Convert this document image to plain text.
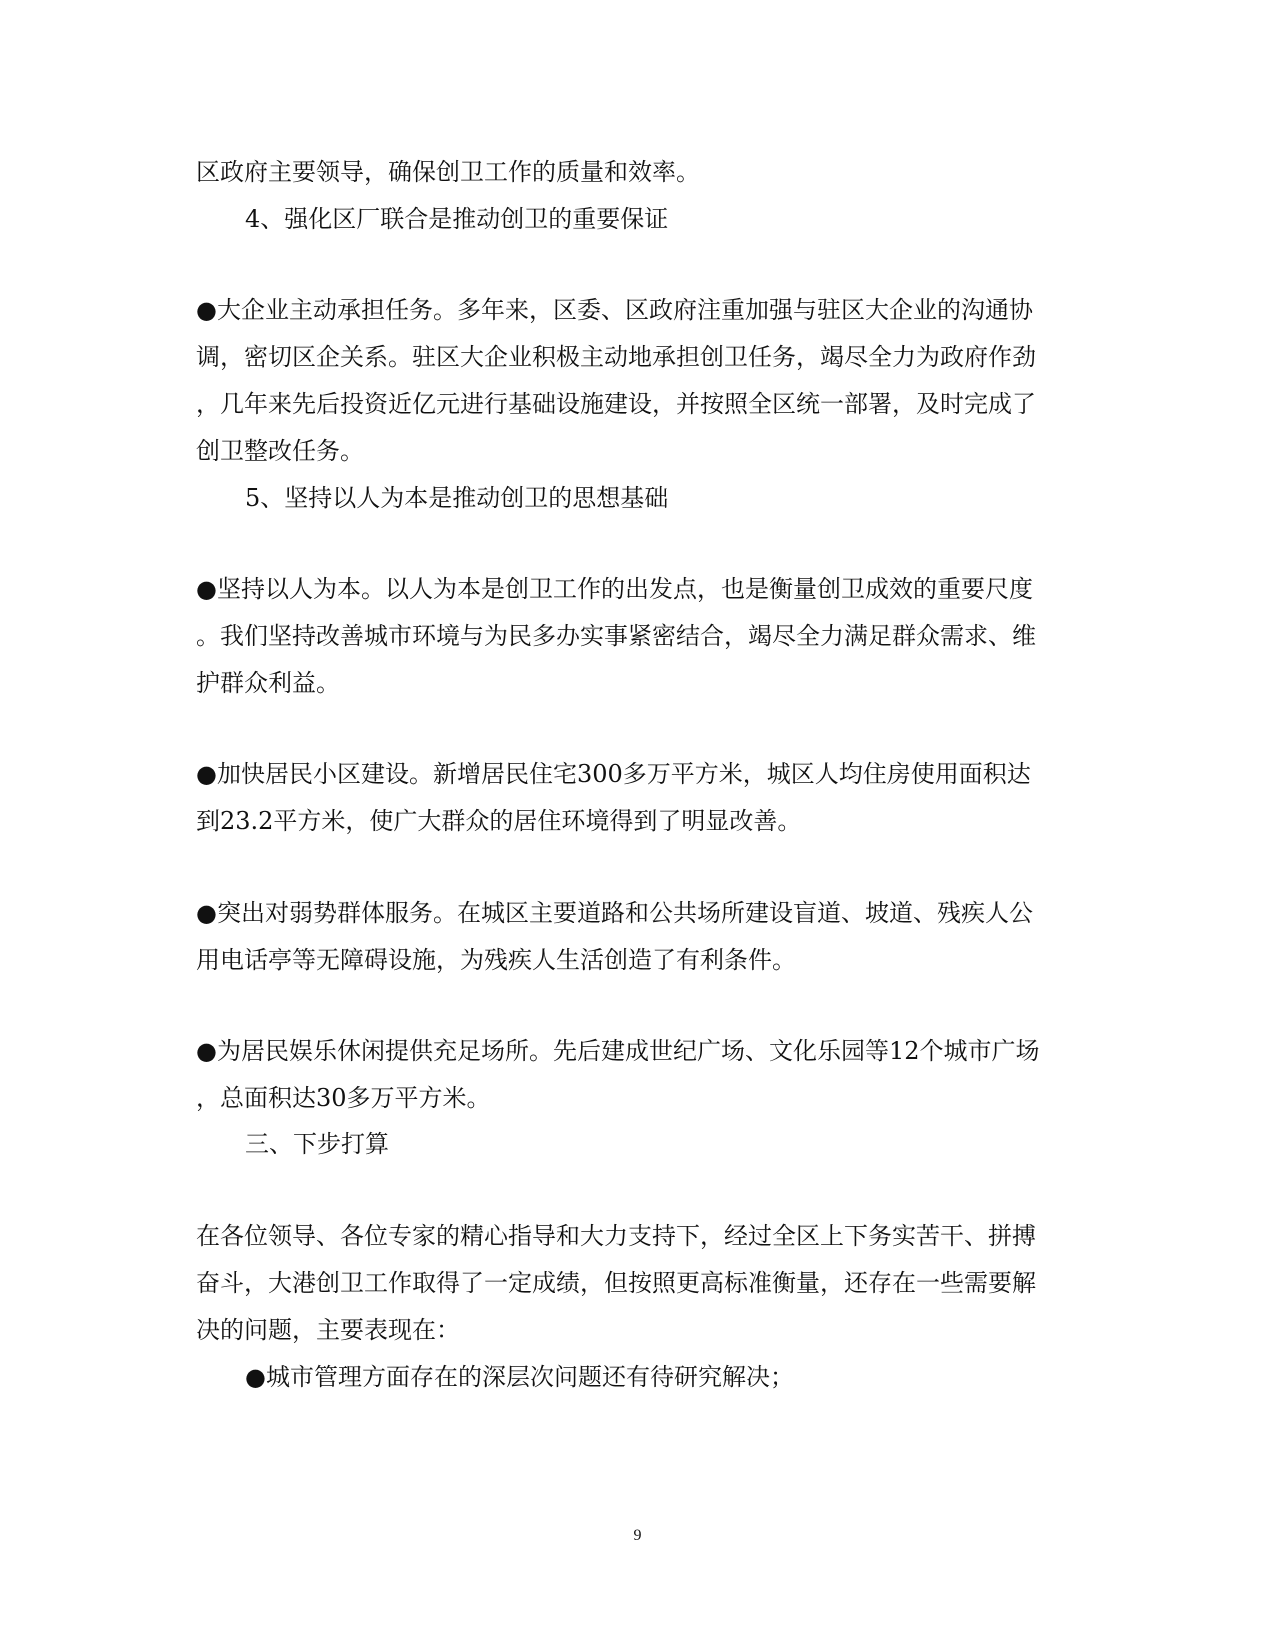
区政府主要领导，确保创卫工作的质量和效率。
4、强化区厂联合是推动创卫的重要保证
●大企业主动承担任务。多年来，区委、区政府注重加强与驻区大企业的沟通协
调，密切区企关系。驻区大企业积极主动地承担创卫任务，竭尽全力为政府作劲
，几年来先后投资近亿元进行基础设施建设，并按照全区统一部署，及时完成了
创卫整改任务。
5、坚持以人为本是推动创卫的思想基础
●坚持以人为本。以人为本是创卫工作的出发点，也是衡量创卫成效的重要尺度
。我们坚持改善城市环境与为民多办实事紧密结合，竭尽全力满足群众需求、维
护群众利益。
●加快居民小区建设。新增居民住宅300多万平方米，城区人均住房使用面积达
到23.2平方米，使广大群众的居住环境得到了明显改善。
●突出对弱势群体服务。在城区主要道路和公共场所建设盲道、坡道、残疾人公
用电话亭等无障碍设施，为残疾人生活创造了有利条件。
●为居民娱乐休闲提供充足场所。先后建成世纪广场、文化乐园等12个城市广场
，总面积达30多万平方米。
三、下步打算
在各位领导、各位专家的精心指导和大力支持下，经过全区上下务实苦干、拼搏
奋斗，大港创卫工作取得了一定成绩，但按照更高标准衡量，还存在一些需要解
决的问题，主要表现在：
●城市管理方面存在的深层次问题还有待研究解决；
9
